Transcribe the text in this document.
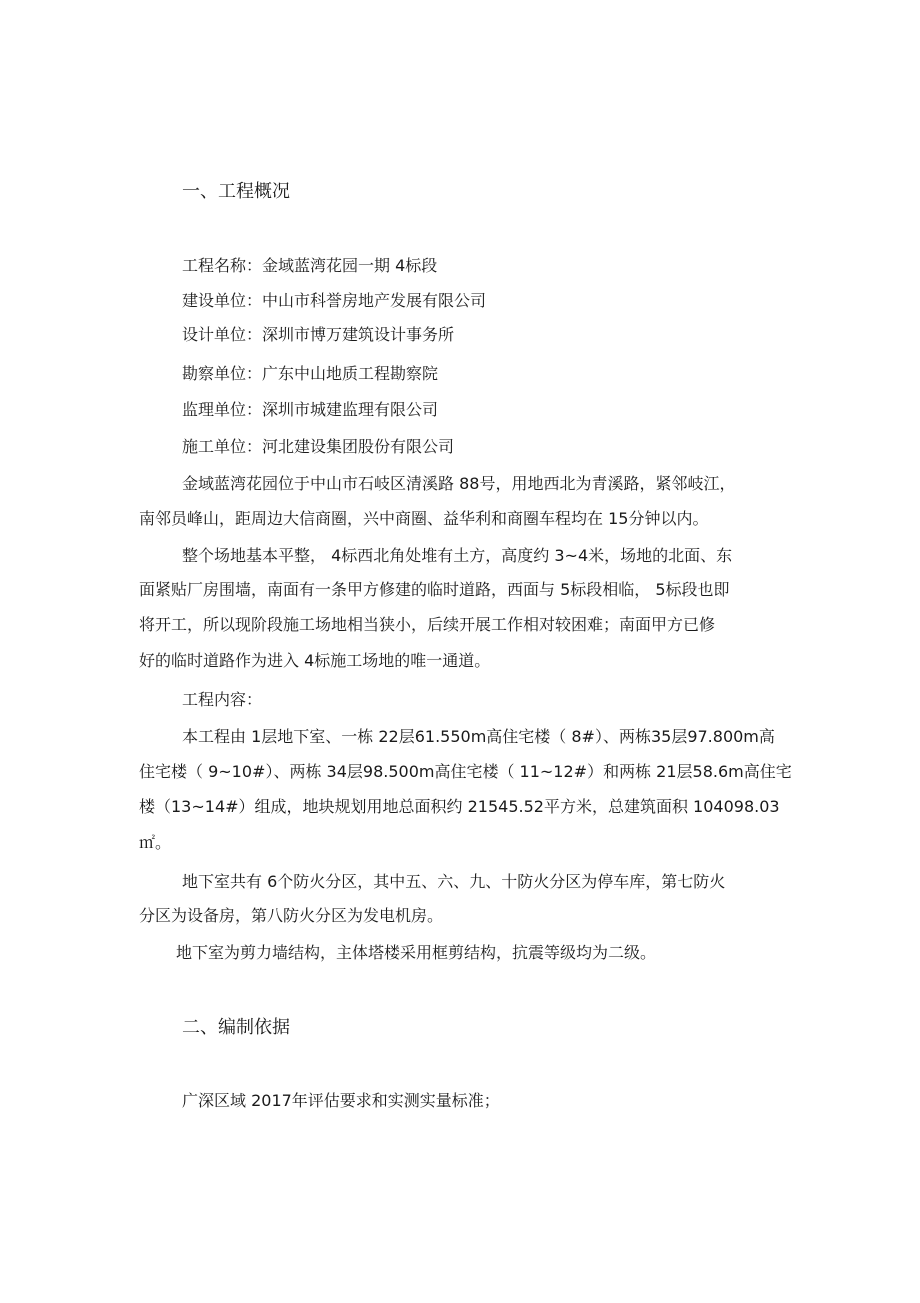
一、工程概况
工程名称：金域蓝湾花园一期 4标段
建设单位：中山市科誉房地产发展有限公司
设计单位：深圳市博万建筑设计事务所
勘察单位：广东中山地质工程勘察院
监理单位：深圳市城建监理有限公司
施工单位：河北建设集团股份有限公司
金域蓝湾花园位于中山市石岐区清溪路 88号，用地西北为青溪路，紧邻岐江，
南邻员峰山，距周边大信商圈，兴中商圈、益华利和商圈车程均在 15分钟以内。
整个场地基本平整， 4标西北角处堆有土方，高度约 3~4米，场地的北面、东
面紧贴厂房围墙，南面有一条甲方修建的临时道路，西面与 5标段相临， 5标段也即
将开工，所以现阶段施工场地相当狭小，后续开展工作相对较困难；南面甲方已修
好的临时道路作为进入 4标施工场地的唯一通道。
工程内容：
本工程由 1层地下室、一栋 22层61.550m高住宅楼（ 8#）、两栋35层97.800m高
住宅楼（ 9~10#）、两栋 34层98.500m高住宅楼（ 11~12#）和两栋 21层58.6m高住宅
楼（13~14#）组成，地块规划用地总面积约 21545.52平方米，总建筑面积 104098.03
㎡。
地下室共有 6个防火分区，其中五、六、九、十防火分区为停车库，第七防火
分区为设备房，第八防火分区为发电机房。
地下室为剪力墙结构，主体塔楼采用框剪结构，抗震等级均为二级。
二、编制依据
广深区域 2017年评估要求和实测实量标准；
